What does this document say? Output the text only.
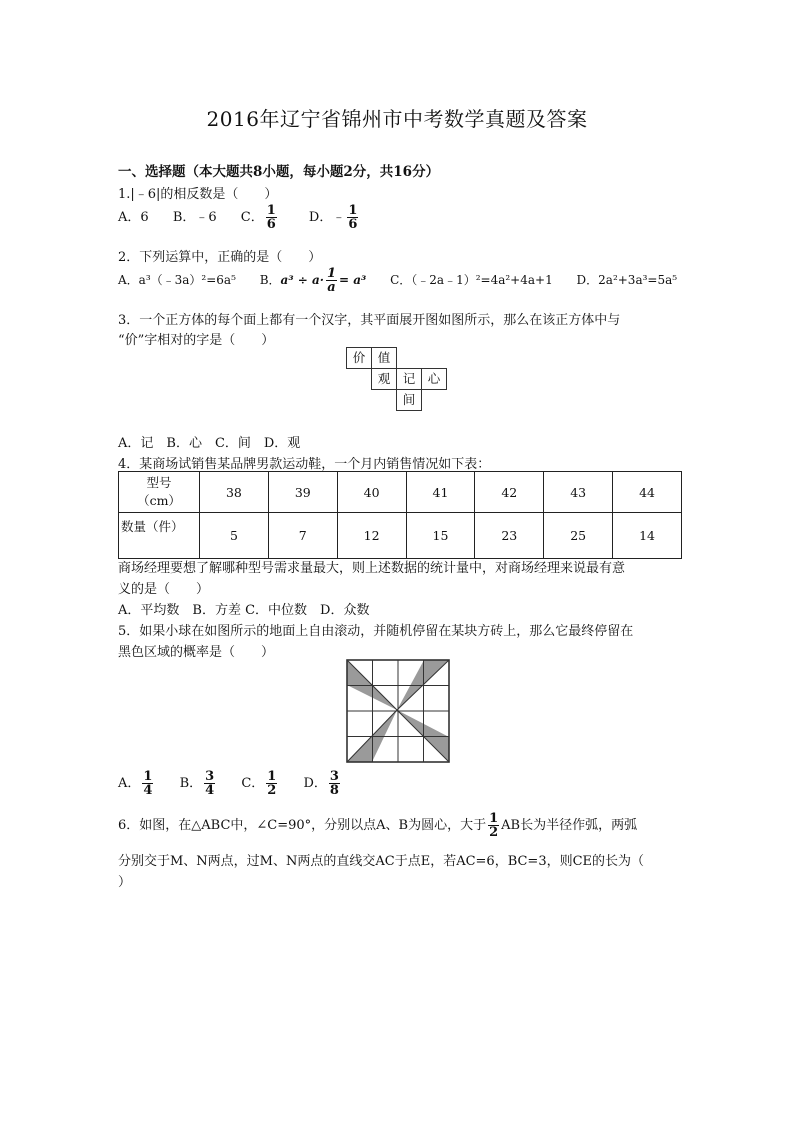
2016年辽宁省锦州市中考数学真题及答案
一、选择题（本大题共8小题，每小题2分，共16分）
1.|﹣6|的相反数是（　　）
A．6 B．﹣6 C． $\frac{1}{6}$ D．﹣ $\frac{1}{6}$
2．下列运算中，正确的是（　　）
A．a³（﹣3a）²=6a⁵ B．$a^3 \div a\cdot \frac{1}{a} = a^3$ C．（﹣2a﹣1）²=4a²+4a+1 D．2a²+3a³=5a⁵
3．一个正方体的每个面上都有一个汉字，其平面展开图如图所示，那么在该正方体中与
“价”字相对的字是（　　）
价 值
观 记 心
间
A．记　B．心　C．间　D．观
4．某商场试销售某品牌男款运动鞋，一个月内销售情况如下表：
型号
（cm）	38	39	40	41	42	43	44
数量（件）	5	7	12	15	23	25	14
商场经理要想了解哪种型号需求量最大，则上述数据的统计量中，对商场经理来说最有意
义的是（　　）
A．平均数　B．方差 C．中位数　D．众数
5．如果小球在如图所示的地面上自由滚动，并随机停留在某块方砖上，那么它最终停留在
黑色区域的概率是（　　）
A． $\frac{1}{4}$ B． $\frac{3}{4}$ C． $\frac{1}{2}$ D． $\frac{3}{8}$
6．如图，在△ABC中，∠C=90°，分别以点A、B为圆心，大于 $\frac{1}{2}$ AB长为半径作弧，两弧
分别交于M、N两点，过M、N两点的直线交AC于点E，若AC=6，BC=3，则CE的长为（
）
